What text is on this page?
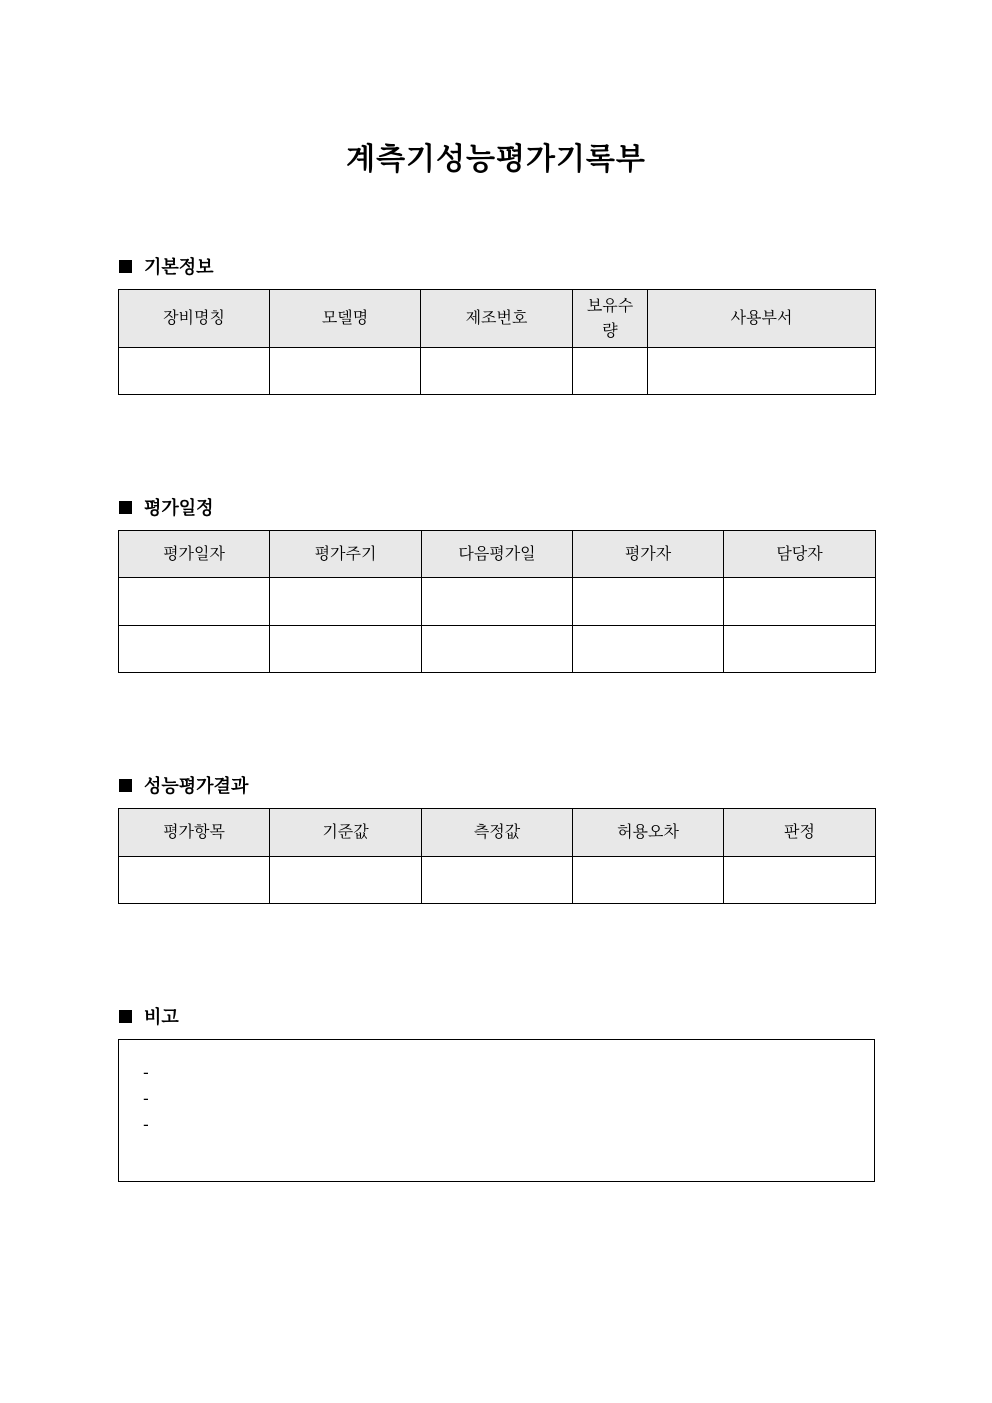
계측기성능평가기록부
기본정보
장비명칭	모델명	제조번호	보유수량	사용부서

평가일정
평가일자	평가주기	다음평가일	평가자	담당자

성능평가결과
평가항목	기준값	측정값	허용오차	판정

비고
-
-
-
